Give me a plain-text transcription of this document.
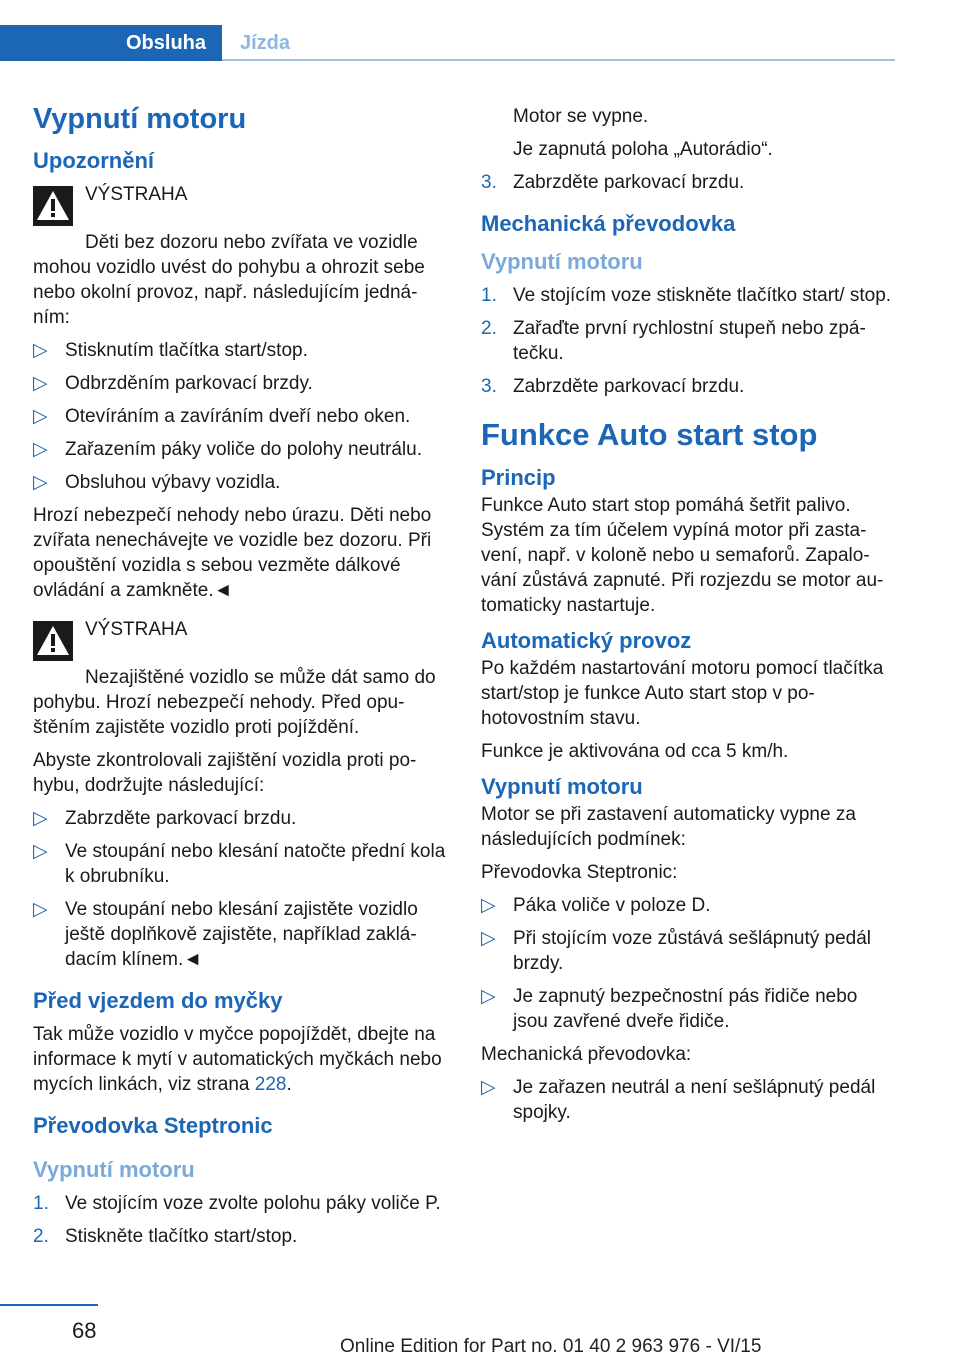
Obsluha	Jízda
Vypnutí motoru
Upozornění
VÝSTRAHA

Děti bez dozoru nebo zvířata ve vozidle mohou vozidlo uvést do pohybu a ohrozit sebe nebo okolní provoz, např. následujícím jednáním:

▷ Stisknutím tlačítka start/stop.
▷ Odbrzděním parkovací brzdy.
▷ Otevíráním a zavíráním dveří nebo oken.
▷ Zařazením páky voliče do polohy neutrálu.
▷ Obsluhou výbavy vozidla.

Hrozí nebezpečí nehody nebo úrazu. Děti nebo zvířata nenechávejte ve vozidle bez dozoru. Při opouštění vozidla s sebou vezměte dálkové ovládání a zamkněte.◄

VÝSTRAHA

Nezajištěné vozidlo se může dát samo do pohybu. Hrozí nebezpečí nehody. Před opuštěním zajistěte vozidlo proti pojíždění.

Abyste zkontrolovali zajištění vozidla proti pohybu, dodržujte následující:

▷ Zabrzděte parkovací brzdu.
▷ Ve stoupání nebo klesání natočte přední kola k obrubníku.
▷ Ve stoupání nebo klesání zajistěte vozidlo ještě doplňkově zajistěte, například zakládacím klínem.◄
Před vjezdem do myčky

Tak může vozidlo v myčce popojíždět, dbejte na informace k mytí v automatických myčkách nebo mycích linkách, viz strana 228.

Převodovka Steptronic
Vypnutí motoru
1. Ve stojícím voze zvolte polohu páky voliče P.
2. Stiskněte tlačítko start/stop.

Motor se vypne.

Je zapnutá poloha „Autorádio“.

3. Zabrzděte parkovací brzdu.
Mechanická převodovka
Vypnutí motoru
1. Ve stojícím voze stiskněte tlačítko start/ stop.
2. Zařaďte první rychlostní stupeň nebo zpátečku.
3. Zabrzděte parkovací brzdu.
Funkce Auto start stop
Princip

Funkce Auto start stop pomáhá šetřit palivo. Systém za tím účelem vypíná motor při zastavení, např. v koloně nebo u semaforů. Zapalování zůstává zapnuté. Při rozjezdu se motor automaticky nastartuje.

Automatický provoz

Po každém nastartování motoru pomocí tlačítka start/stop je funkce Auto start stop v pohotovostním stavu.

Funkce je aktivována od cca 5 km/h.

Vypnutí motoru

Motor se při zastavení automaticky vypne za následujících podmínek:

Převodovka Steptronic:

▷ Páka voliče v poloze D.
▷ Při stojícím voze zůstává sešlápnutý pedál brzdy.
▷ Je zapnutý bezpečnostní pás řidiče nebo jsou zavřené dveře řidiče.

Mechanická převodovka:

▷ Je zařazen neutrál a není sešlápnutý pedál spojky.
68
Online Edition for Part no. 01 40 2 963 976 - VI/15
